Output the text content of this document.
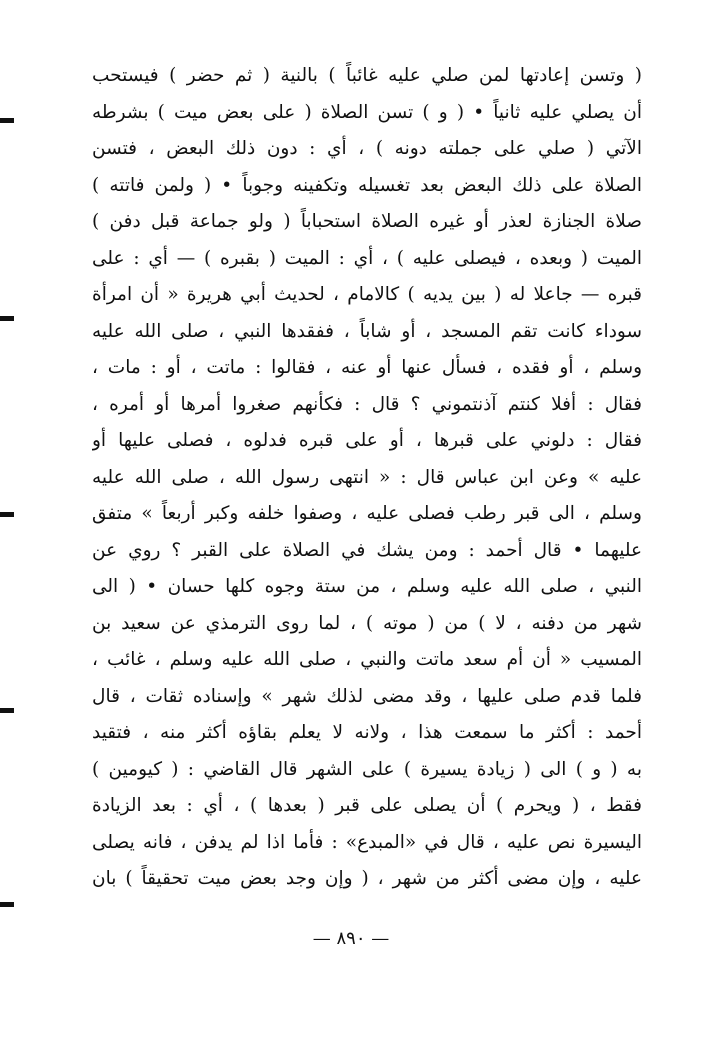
( وتسن إعادتها لمن صلي عليه غائباً ) بالنية ( ثم حضر ) فيستحب
أن يصلي عليه ثانياً • ( و ) تسن الصلاة ( على بعض ميت ) بشرطه
الآتي ( صلي على جملته دونه ) ، أي : دون ذلك البعض ، فتسن
الصلاة على ذلك البعض بعد تغسيله وتكفينه وجوباً • ( ولمن فاتته )
صلاة الجنازة لعذر أو غيره الصلاة استحباباً ( ولو جماعة قبل دفن )
الميت ( وبعده ، فيصلى عليه ) ، أي : الميت ( بقبره ) — أي : على
قبره — جاعلا له ( بين يديه ) كالامام ، لحديث أبي هريرة « أن امرأة
سوداء كانت تقم المسجد ، أو شاباً ، ففقدها النبي ، صلى الله عليه
وسلم ، أو فقده ، فسأل عنها أو عنه ، فقالوا : ماتت ، أو : مات ،
فقال : أفلا كنتم آذنتموني ؟ قال : فكأنهم صغروا أمرها أو أمره ،
فقال : دلوني على قبرها ، أو على قبره فدلوه ، فصلى عليها أو
عليه » وعن ابن عباس قال : « انتهى رسول الله ، صلى الله عليه
وسلم ، الى قبر رطب فصلى عليه ، وصفوا خلفه وكبر أربعاً » متفق
عليهما • قال أحمد : ومن يشك في الصلاة على القبر ؟ روي عن
النبي ، صلى الله عليه وسلم ، من ستة وجوه كلها حسان • ( الى
شهر من دفنه ، لا ) من ( موته ) ، لما روى الترمذي عن سعيد بن
المسيب « أن أم سعد ماتت والنبي ، صلى الله عليه وسلم ، غائب ،
فلما قدم صلى عليها ، وقد مضى لذلك شهر » وإسناده ثقات ، قال
أحمد : أكثر ما سمعت هذا ، ولانه لا يعلم بقاؤه أكثر منه ، فتقيد
به ( و ) الى ( زيادة يسيرة ) على الشهر قال القاضي : ( كيومين )
فقط ، ( ويحرم ) أن يصلى على قبر ( بعدها ) ، أي : بعد الزيادة
اليسيرة نص عليه ، قال في «المبدع» : فأما اذا لم يدفن ، فانه يصلى
عليه ، وإن مضى أكثر من شهر ، ( وإن وجد بعض ميت تحقيقاً ) بان
— ٨٩٠ —
